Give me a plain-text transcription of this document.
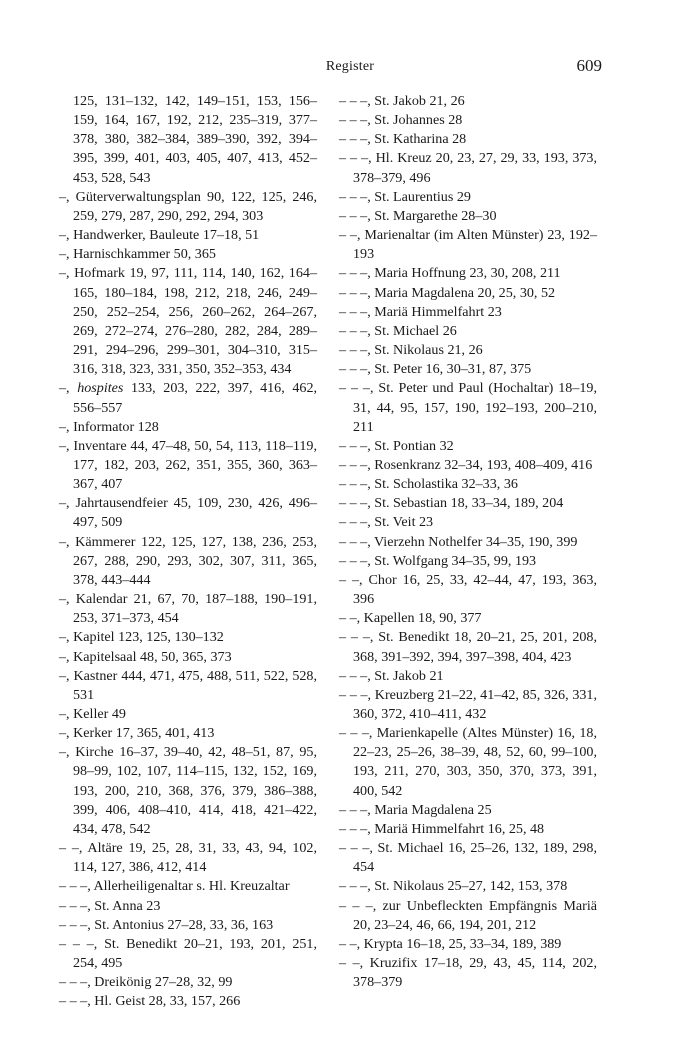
Register	609

125, 131–132, 142, 149–151, 153, 156–159, 164, 167, 192, 212, 235–319, 377–378, 380, 382–384, 389–390, 392, 394–395, 399, 401, 403, 405, 407, 413, 452–453, 528, 543

–, Güterverwaltungsplan 90, 122, 125, 246, 259, 279, 287, 290, 292, 294, 303

–, Handwerker, Bauleute 17–18, 51

–, Harnischkammer 50, 365

–, Hofmark 19, 97, 111, 114, 140, 162, 164–165, 180–184, 198, 212, 218, 246, 249–250, 252–254, 256, 260–262, 264–267, 269, 272–274, 276–280, 282, 284, 289–291, 294–296, 299–301, 304–310, 315–316, 318, 323, 331, 350, 352–353, 434

–, hospites 133, 203, 222, 397, 416, 462, 556–557

–, Informator 128

–, Inventare 44, 47–48, 50, 54, 113, 118–119, 177, 182, 203, 262, 351, 355, 360, 363–367, 407

–, Jahrtausendfeier 45, 109, 230, 426, 496–497, 509

–, Kämmerer 122, 125, 127, 138, 236, 253, 267, 288, 290, 293, 302, 307, 311, 365, 378, 443–444

–, Kalendar 21, 67, 70, 187–188, 190–191, 253, 371–373, 454

–, Kapitel 123, 125, 130–132

–, Kapitelsaal 48, 50, 365, 373

–, Kastner 444, 471, 475, 488, 511, 522, 528, 531

–, Keller 49

–, Kerker 17, 365, 401, 413

–, Kirche 16–37, 39–40, 42, 48–51, 87, 95, 98–99, 102, 107, 114–115, 132, 152, 169, 193, 200, 210, 368, 376, 379, 386–388, 399, 406, 408–410, 414, 418, 421–422, 434, 478, 542

– –, Altäre 19, 25, 28, 31, 33, 43, 94, 102, 114, 127, 386, 412, 414

– – –, Allerheiligenaltar s. Hl. Kreuzaltar

– – –, St. Anna 23

– – –, St. Antonius 27–28, 33, 36, 163

– – –, St. Benedikt 20–21, 193, 201, 251, 254, 495

– – –, Dreikönig 27–28, 32, 99

– – –, Hl. Geist 28, 33, 157, 266

– – –, St. Jakob 21, 26

– – –, St. Johannes 28

– – –, St. Katharina 28

– – –, Hl. Kreuz 20, 23, 27, 29, 33, 193, 373, 378–379, 496

– – –, St. Laurentius 29

– – –, St. Margarethe 28–30

– –, Marienaltar (im Alten Münster) 23, 192–193

– – –, Maria Hoffnung 23, 30, 208, 211

– – –, Maria Magdalena 20, 25, 30, 52

– – –, Mariä Himmelfahrt 23

– – –, St. Michael 26

– – –, St. Nikolaus 21, 26

– – –, St. Peter 16, 30–31, 87, 375

– – –, St. Peter und Paul (Hochaltar) 18–19, 31, 44, 95, 157, 190, 192–193, 200–210, 211

– – –, St. Pontian 32

– – –, Rosenkranz 32–34, 193, 408–409, 416

– – –, St. Scholastika 32–33, 36

– – –, St. Sebastian 18, 33–34, 189, 204

– – –, St. Veit 23

– – –, Vierzehn Nothelfer 34–35, 190, 399

– – –, St. Wolfgang 34–35, 99, 193

– –, Chor 16, 25, 33, 42–44, 47, 193, 363, 396

– –, Kapellen 18, 90, 377

– – –, St. Benedikt 18, 20–21, 25, 201, 208, 368, 391–392, 394, 397–398, 404, 423

– – –, St. Jakob 21

– – –, Kreuzberg 21–22, 41–42, 85, 326, 331, 360, 372, 410–411, 432

– – –, Marienkapelle (Altes Münster) 16, 18, 22–23, 25–26, 38–39, 48, 52, 60, 99–100, 193, 211, 270, 303, 350, 370, 373, 391, 400, 542

– – –, Maria Magdalena 25

– – –, Mariä Himmelfahrt 16, 25, 48

– – –, St. Michael 16, 25–26, 132, 189, 298, 454

– – –, St. Nikolaus 25–27, 142, 153, 378

– – –, zur Unbefleckten Empfängnis Mariä 20, 23–24, 46, 66, 194, 201, 212

– –, Krypta 16–18, 25, 33–34, 189, 389

– –, Kruzifix 17–18, 29, 43, 45, 114, 202, 378–379
